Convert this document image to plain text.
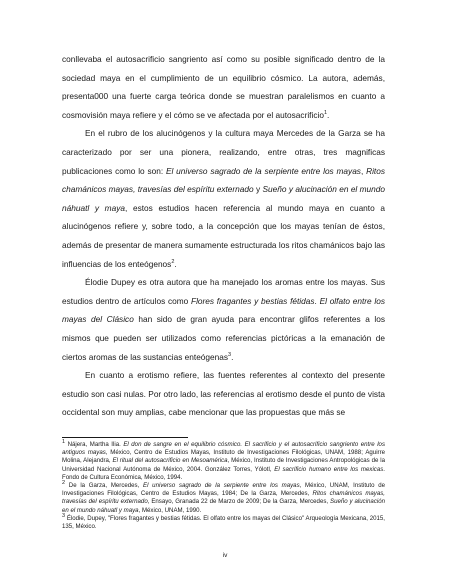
conllevaba el autosacrificio sangriento así como su posible significado dentro de la sociedad maya en el cumplimiento de un equilibrio cósmico. La autora, además, presenta000 una fuerte carga teórica donde se muestran paralelismos en cuanto a cosmovisión maya refiere y el cómo se ve afectada por el autosacrificio$^1$.

En el rubro de los alucinógenos y la cultura maya Mercedes de la Garza se ha caracterizado por ser una pionera, realizando, entre otras, tres magnificas publicaciones como lo son: El universo sagrado de la serpiente entre los mayas, Ritos chamánicos mayas, travesías del espíritu externado y Sueño y alucinación en el mundo náhuatl y maya, estos estudios hacen referencia al mundo maya en cuanto a alucinógenos refiere y, sobre todo, a la concepción que los mayas tenían de éstos, además de presentar de manera sumamente estructurada los ritos chamánicos bajo las influencias de los enteógenos$^2$.

Élodie Dupey es otra autora que ha manejado los aromas entre los mayas. Sus estudios dentro de artículos como Flores fragantes y bestias fétidas. El olfato entre los mayas del Clásico han sido de gran ayuda para encontrar glifos referentes a los mismos que pueden ser utilizados como referencias pictóricas a la emanación de ciertos aromas de las sustancias enteógenas$^3$.

En cuanto a erotismo refiere, las fuentes referentes al contexto del presente estudio son casi nulas. Por otro lado, las referencias al erotismo desde el punto de vista occidental son muy amplias, cabe mencionar que las propuestas que más se

$^1$ Nájera, Martha Ilia. El don de sangre en el equilibrio cósmico. El sacrificio y el autosacrificio sangriento entre los antiguos mayas, México, Centro de Estudios Mayas, Instituto de Investigaciones Filológicas, UNAM, 1988; Aguirre Molina, Alejandra, El ritual del autosacrificio en Mesoamérica, México, Instituto de Investigaciones Antropológicas de la Universidad Nacional Autónoma de México, 2004. González Torres, Yólotl, El sacrificio humano entre los mexicas. Fondo de Cultura Económica, México, 1994.

$^2$ De la Garza, Mercedes, El universo sagrado de la serpiente entre los mayas, México, UNAM, Instituto de Investigaciones Filológicas, Centro de Estudios Mayas, 1984; De la Garza, Mercedes, Ritos chamánicos mayas, travesías del espíritu externado, Ensayo, Granada 22 de Marzo de 2009; De la Garza, Mercedes, Sueño y alucinación en el mundo náhuatl y maya, México, UNAM, 1990.

$^3$ Élodie, Dupey, "Flores fragantes y bestias fétidas. El olfato entre los mayas del Clásico" Arqueología Mexicana, 2015, 135, México.

iv
